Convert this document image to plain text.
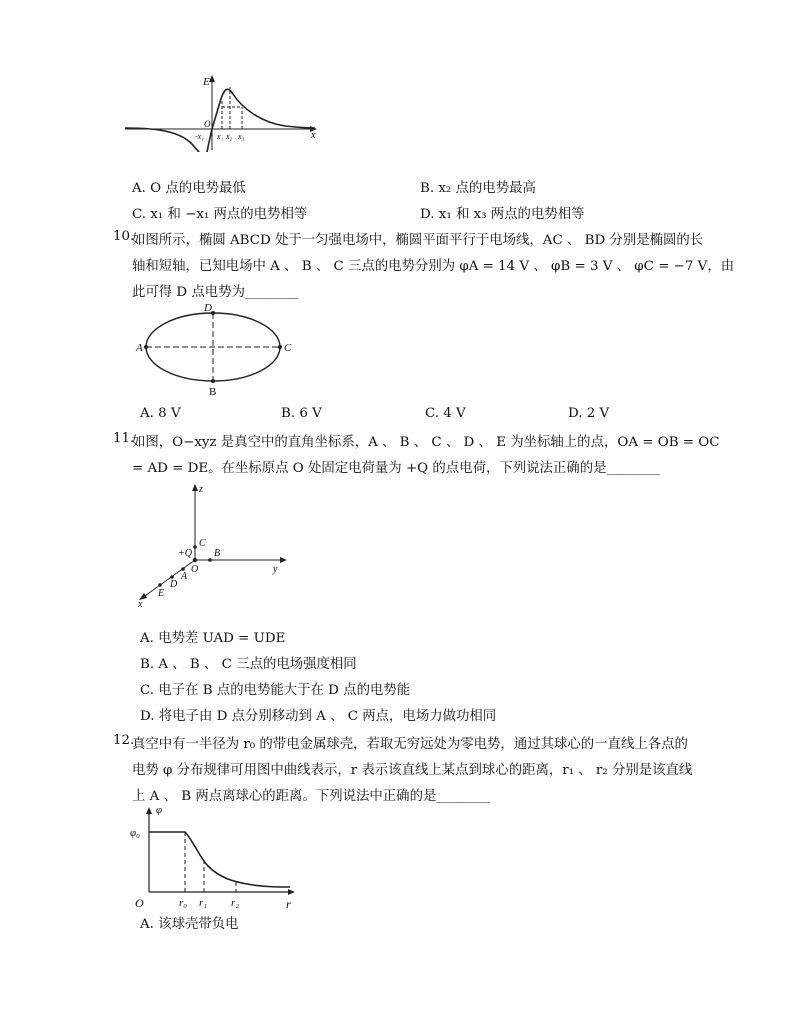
E
x
O
-x₁ x₁ x₂ x₃
A. O 点的电势最低	B. x₂ 点的电势最高
C. x₁ 和 −x₁ 两点的电势相等	D. x₁ 和 x₃ 两点的电势相等
10.
如图所示，椭圆 ABCD 处于一匀强电场中，椭圆平面平行于电场线，AC 、 BD 分别是椭圆的长
轴和短轴，已知电场中 A 、 B 、 C 三点的电势分别为 φA = 14 V 、 φB = 3 V 、 φC = −7 V，由
此可得 D 点电势为________
A	C
D
B
A. 8 V	B. 6 V	C. 4 V	D. 2 V
11.
如图，O−xyz 是真空中的直角坐标系，A 、 B 、 C 、 D 、 E 为坐标轴上的点，OA = OB = OC
= AD = DE。在坐标原点 O 处固定电荷量为 +Q 的点电荷，下列说法正确的是________
z
y
x
O
+Q
C
B
A
D
E
A. 电势差 UAD = UDE
B. A 、 B 、 C 三点的电场强度相同
C. 电子在 B 点的电势能大于在 D 点的电势能
D. 将电子由 D 点分别移动到 A 、 C 两点，电场力做功相同
12.
真空中有一半径为 r₀ 的带电金属球壳，若取无穷远处为零电势，通过其球心的一直线上各点的
电势 φ 分布规律可用图中曲线表示，r 表示该直线上某点到球心的距离，r₁ 、 r₂ 分别是该直线
上 A 、 B 两点离球心的距离。下列说法中正确的是________
φ
φ₀
O	r₀ r₁ r₂	r
A. 该球壳带负电
